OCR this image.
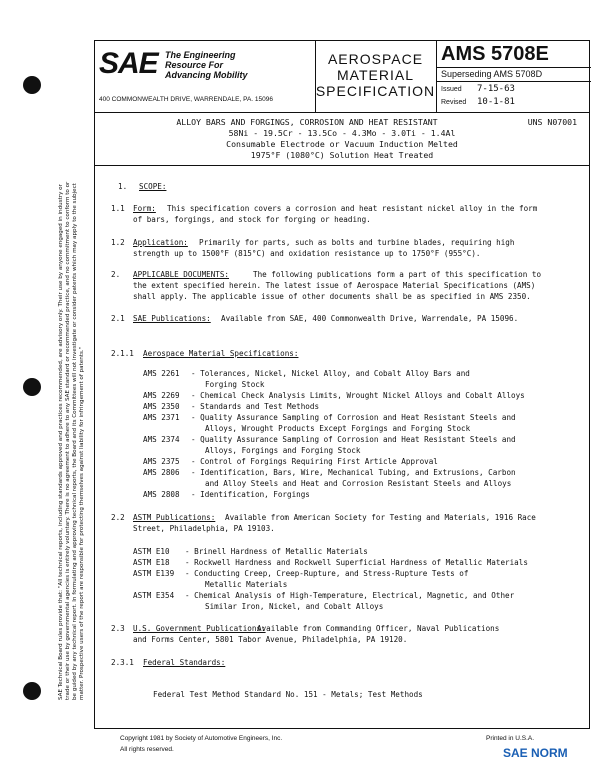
SAE Technical Board rules provide that: "All technical reports, including standards approved and practices recommended, are advisory only. Their use by anyone engaged in industry or trade or their use by governmental agencies is entirely voluntary. There is no agreement to adhere to any SAE standard or recommended practice, and no commitment to conform to or be guided by any technical report. In formulating and approving technical reports, the Board and its Committees will not investigate or consider patents which may apply to the subject matter. Prospective users of the report are responsible for protecting themselves against liability for infringement of patents."
SAE The Engineering
Resource For
Advancing Mobility
400 COMMONWEALTH DRIVE, WARRENDALE, PA. 15096
AEROSPACE
MATERIAL
SPECIFICATION
AMS 5708E
Superseding AMS 5708D
Issued 7-15-63
Revised 10-1-81
ALLOY BARS AND FORGINGS, CORROSION AND HEAT RESISTANT
58Ni - 19.5Cr - 13.5Co - 4.3Mo - 3.0Ti - 1.4Al
Consumable Electrode or Vacuum Induction Melted
1975°F (1080°C) Solution Heat Treated
UNS N07001
1. SCOPE:
1.1 Form: This specification covers a corrosion and heat resistant nickel alloy in the form
of bars, forgings, and stock for forging or heading.
1.2 Application: Primarily for parts, such as bolts and turbine blades, requiring high
strength up to 1500°F (815°C) and oxidation resistance up to 1750°F (955°C).
2. APPLICABLE DOCUMENTS:	The following publications form a part of this specification to
the extent specified herein. The latest issue of Aerospace Material Specifications (AMS)
shall apply. The applicable issue of other documents shall be as specified in AMS 2350.
2.1 SAE Publications: Available from SAE, 400 Commonwealth Drive, Warrendale, PA 15096.
2.1.1 Aerospace Material Specifications:
AMS 2261 - Tolerances, Nickel, Nickel Alloy, and Cobalt Alloy Bars and
Forging Stock
AMS 2269 - Chemical Check Analysis Limits, Wrought Nickel Alloys and Cobalt Alloys
AMS 2350 - Standards and Test Methods
AMS 2371 - Quality Assurance Sampling of Corrosion and Heat Resistant Steels and
Alloys, Wrought Products Except Forgings and Forging Stock
AMS 2374 - Quality Assurance Sampling of Corrosion and Heat Resistant Steels and
Alloys, Forgings and Forging Stock
AMS 2375 - Control of Forgings Requiring First Article Approval
AMS 2806 - Identification, Bars, Wire, Mechanical Tubing, and Extrusions, Carbon
and Alloy Steels and Heat and Corrosion Resistant Steels and Alloys
AMS 2808 - Identification, Forgings
2.2 ASTM Publications: Available from American Society for Testing and Materials, 1916 Race
Street, Philadelphia, PA 19103.
ASTM E10 - Brinell Hardness of Metallic Materials
ASTM E18 - Rockwell Hardness and Rockwell Superficial Hardness of Metallic Materials
ASTM E139 - Conducting Creep, Creep-Rupture, and Stress-Rupture Tests of
Metallic Materials
ASTM E354 - Chemical Analysis of High-Temperature, Electrical, Magnetic, and Other
Similar Iron, Nickel, and Cobalt Alloys
2.3 U.S. Government Publications:
Available from Commanding Officer, Naval Publications
and Forms Center, 5801 Tabor Avenue, Philadelphia, PA 19120.
2.3.1 Federal Standards:
Federal Test Method Standard No. 151 - Metals; Test Methods
Copyright 1981 by Society of Automotive Engineers, Inc.
All rights reserved.
Printed in U.S.A.
SAE NORM
